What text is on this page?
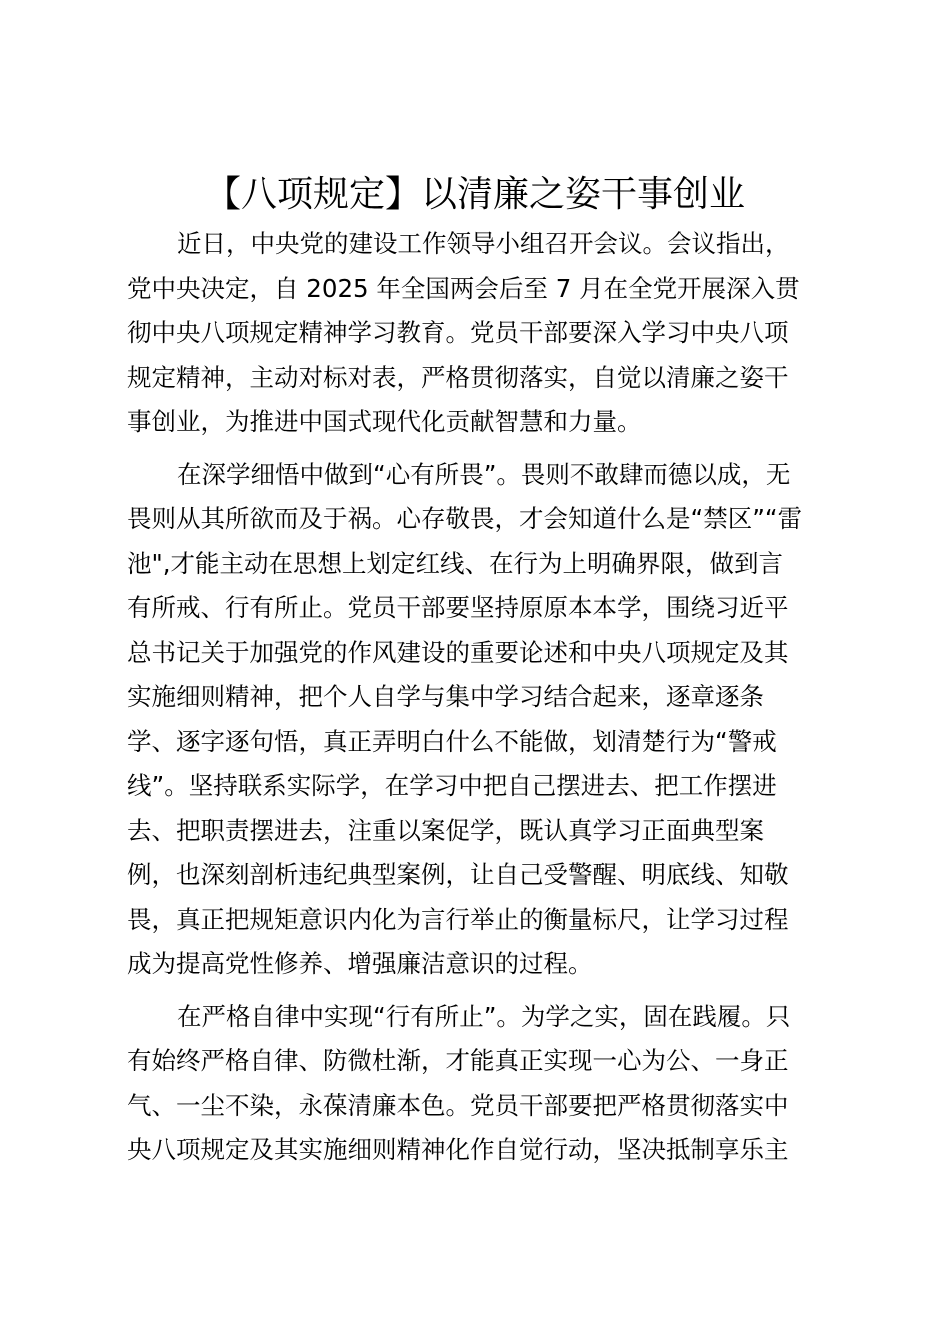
【八项规定】以清廉之姿干事创业
近日，中央党的建设工作领导小组召开会议。会议指出，
党中央决定，自 2025 年全国两会后至 7 月在全党开展深入贯
彻中央八项规定精神学习教育。党员干部要深入学习中央八项
规定精神，主动对标对表，严格贯彻落实，自觉以清廉之姿干
事创业，为推进中国式现代化贡献智慧和力量。
在深学细悟中做到“心有所畏”。畏则不敢肆而德以成，无
畏则从其所欲而及于祸。心存敬畏，才会知道什么是“禁区”“雷
池",才能主动在思想上划定红线、在行为上明确界限，做到言
有所戒、行有所止。党员干部要坚持原原本本学，围绕习近平
总书记关于加强党的作风建设的重要论述和中央八项规定及其
实施细则精神，把个人自学与集中学习结合起来，逐章逐条
学、逐字逐句悟，真正弄明白什么不能做，划清楚行为“警戒
线”。坚持联系实际学，在学习中把自己摆进去、把工作摆进
去、把职责摆进去，注重以案促学，既认真学习正面典型案
例，也深刻剖析违纪典型案例，让自己受警醒、明底线、知敬
畏，真正把规矩意识内化为言行举止的衡量标尺，让学习过程
成为提高党性修养、增强廉洁意识的过程。
在严格自律中实现“行有所止”。为学之实，固在践履。只
有始终严格自律、防微杜渐，才能真正实现一心为公、一身正
气、一尘不染，永葆清廉本色。党员干部要把严格贯彻落实中
央八项规定及其实施细则精神化作自觉行动，坚决抵制享乐主
